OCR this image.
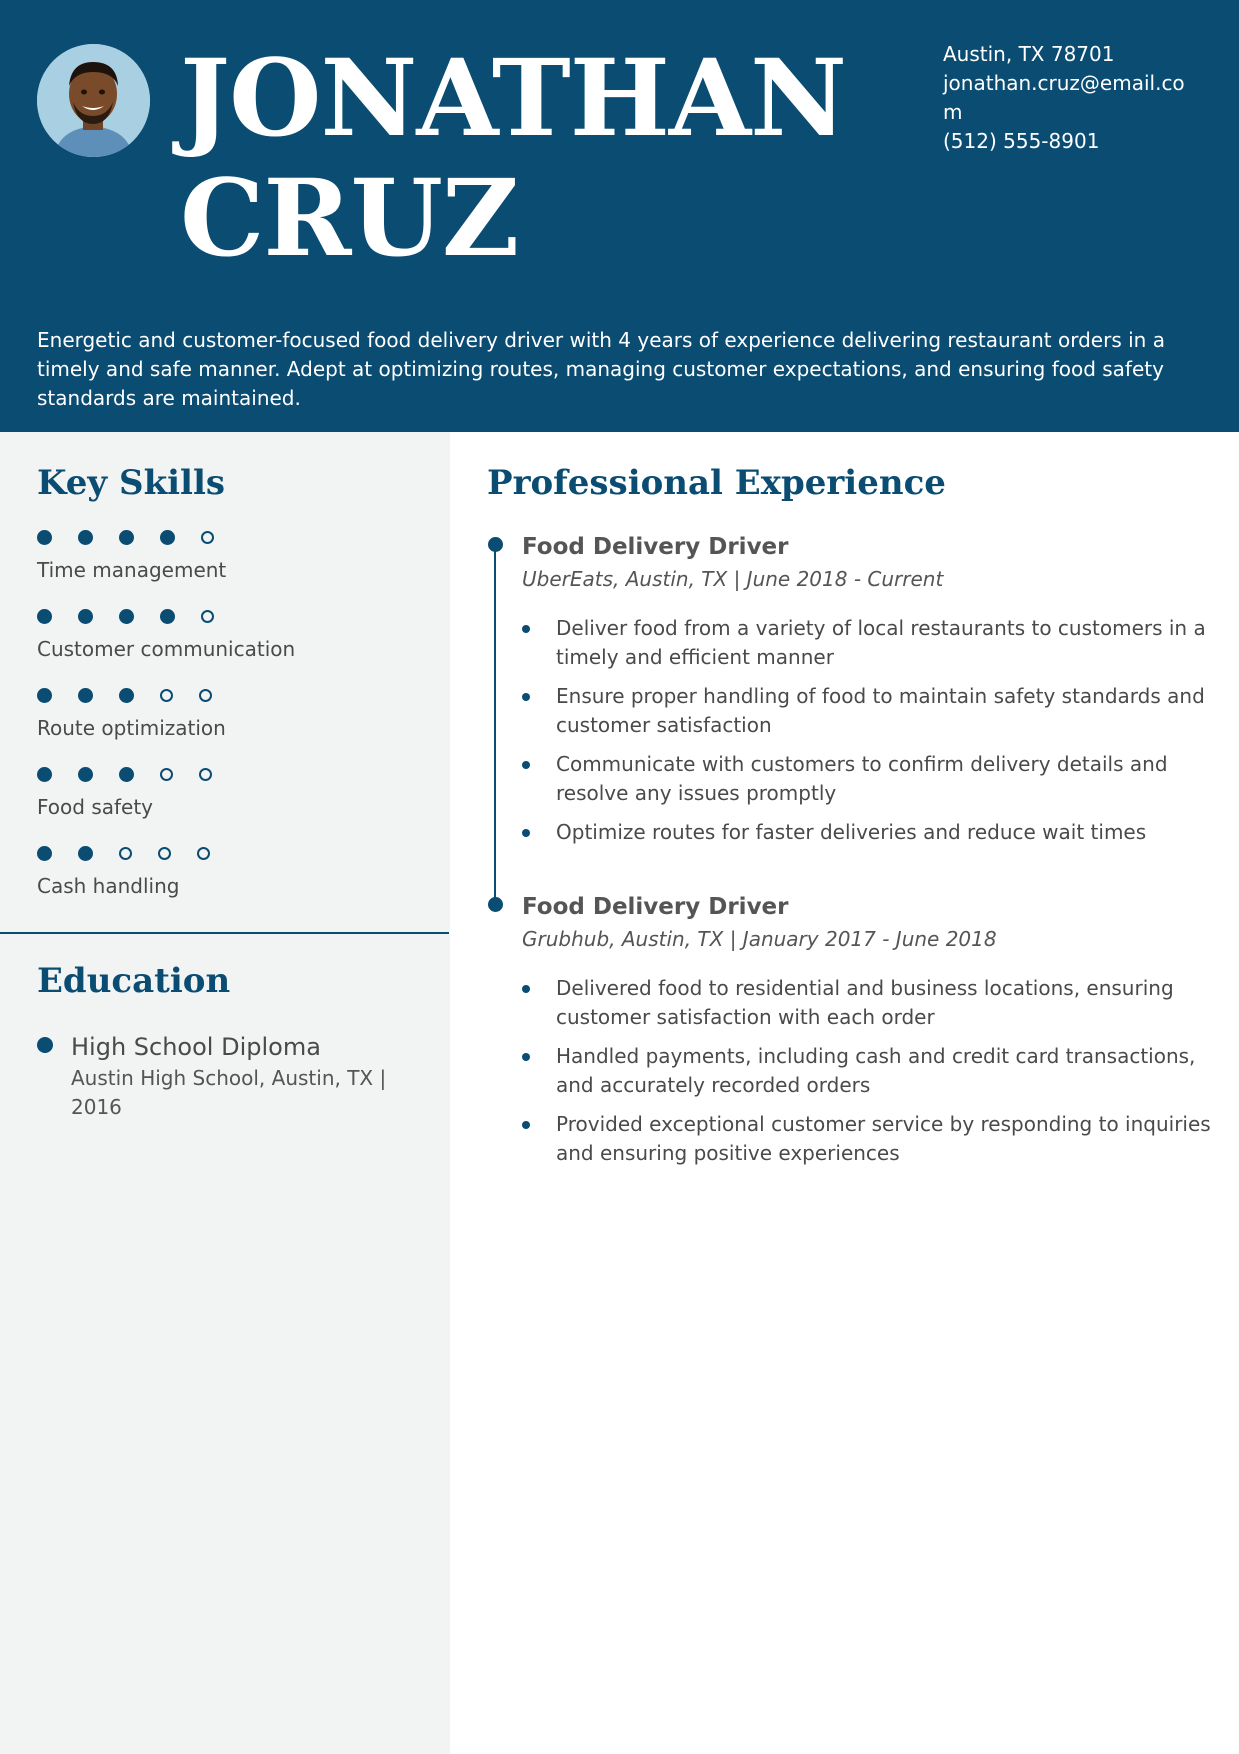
JONATHAN
CRUZ
Austin, TX 78701
jonathan.cruz@email.com
(512) 555-8901
Energetic and customer-focused food delivery driver with 4 years of experience delivering restaurant orders in a timely and safe manner. Adept at optimizing routes, managing customer expectations, and ensuring food safety standards are maintained.
Key Skills
Time management
Customer communication
Route optimization
Food safety
Cash handling
Education
High School Diploma
Austin High School, Austin, TX | 2016
Professional Experience
Food Delivery Driver
UberEats, Austin, TX | June 2018 - Current
Deliver food from a variety of local restaurants to customers in a timely and efficient manner
Ensure proper handling of food to maintain safety standards and customer satisfaction
Communicate with customers to confirm delivery details and resolve any issues promptly
Optimize routes for faster deliveries and reduce wait times
Food Delivery Driver
Grubhub, Austin, TX | January 2017 - June 2018
Delivered food to residential and business locations, ensuring customer satisfaction with each order
Handled payments, including cash and credit card transactions, and accurately recorded orders
Provided exceptional customer service by responding to inquiries and ensuring positive experiences
